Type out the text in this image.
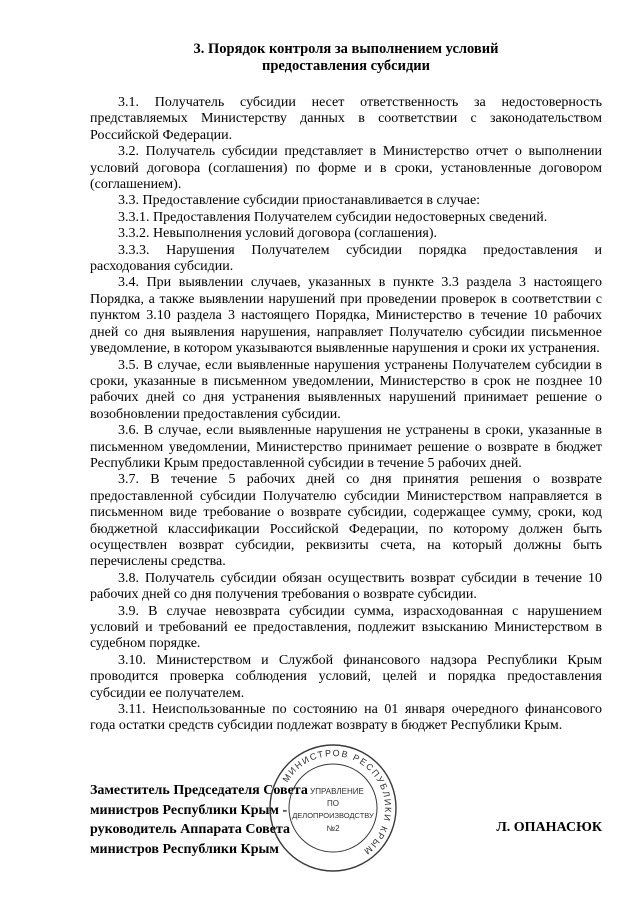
3. Порядок контроля за выполнением условий
предоставления субсидии

3.1. Получатель субсидии несет ответственность за недостоверность представляемых Министерству данных в соответствии с законодательством Российской Федерации.

3.2. Получатель субсидии представляет в Министерство отчет о выполнении условий договора (соглашения) по форме и в сроки, установленные договором (соглашением).

3.3. Предоставление субсидии приостанавливается в случае:

3.3.1. Предоставления Получателем субсидии недостоверных сведений.

3.3.2. Невыполнения условий договора (соглашения).

3.3.3. Нарушения Получателем субсидии порядка предоставления и расходования субсидии.

3.4. При выявлении случаев, указанных в пункте 3.3 раздела 3 настоящего Порядка, а также выявлении нарушений при проведении проверок в соответствии с пунктом 3.10 раздела 3 настоящего Порядка, Министерство в течение 10 рабочих дней со дня выявления нарушения, направляет Получателю субсидии письменное уведомление, в котором указываются выявленные нарушения и сроки их устранения.

3.5. В случае, если выявленные нарушения устранены Получателем субсидии в сроки, указанные в письменном уведомлении, Министерство в срок не позднее 10 рабочих дней со дня устранения выявленных нарушений принимает решение о возобновлении предоставления субсидии.

3.6. В случае, если выявленные нарушения не устранены в сроки, указанные в письменном уведомлении, Министерство принимает решение о возврате в бюджет Республики Крым предоставленной субсидии в течение 5 рабочих дней.

3.7. В течение 5 рабочих дней со дня принятия решения о возврате предоставленной субсидии Получателю субсидии Министерством направляется в письменном виде требование о возврате субсидии, содержащее сумму, сроки, код бюджетной классификации Российской Федерации, по которому должен быть осуществлен возврат субсидии, реквизиты счета, на который должны быть перечислены средства.

3.8. Получатель субсидии обязан осуществить возврат субсидии в течение 10 рабочих дней со дня получения требования о возврате субсидии.

3.9. В случае невозврата субсидии сумма, израсходованная с нарушением условий и требований ее предоставления, подлежит взысканию Министерством в судебном порядке.

3.10. Министерством и Службой финансового надзора Республики Крым проводится проверка соблюдения условий, целей и порядка предоставления субсидии ее получателем.

3.11. Неиспользованные по состоянию на 01 января очередного финансового года остатки средств субсидии подлежат возврату в бюджет Республики Крым.

Заместитель Председателя Совета
министров Республики Крым -
руководитель Аппарата Совета
министров Республики Крым
Л. ОПАНАСЮК
МИНИСТРОВ РЕСПУБЛИКИ КРЫМ
УПРАВЛЕНИЕ
ПО
ДЕЛОПРОИЗВОДСТВУ
№2
